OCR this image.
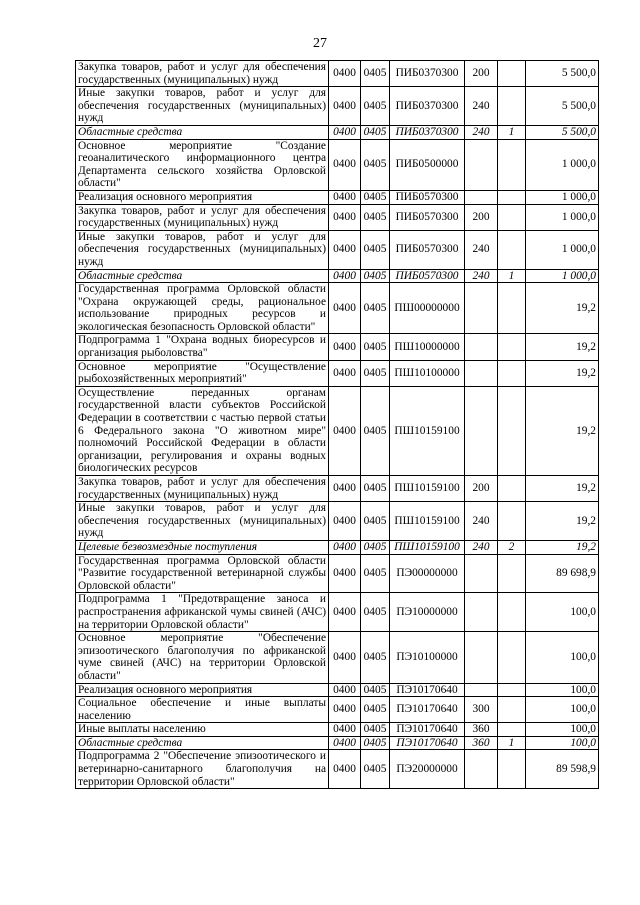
27
Закупка товаров, работ и услуг для обеспечения государственных (муниципальных) нужд	0400	0405	ПИБ0370300	200		5 500,0
Иные закупки товаров, работ и услуг для обеспечения государственных (муниципальных) нужд	0400	0405	ПИБ0370300	240		5 500,0
Областные средства	0400	0405	ПИБ0370300	240	1	5 500,0
Основное мероприятие "Создание геоаналитического информационного центра Департамента сельского хозяйства Орловской области"	0400	0405	ПИБ0500000			1 000,0
Реализация основного мероприятия	0400	0405	ПИБ0570300			1 000,0
Закупка товаров, работ и услуг для обеспечения государственных (муниципальных) нужд	0400	0405	ПИБ0570300	200		1 000,0
Иные закупки товаров, работ и услуг для обеспечения государственных (муниципальных) нужд	0400	0405	ПИБ0570300	240		1 000,0
Областные средства	0400	0405	ПИБ0570300	240	1	1 000,0
Государственная программа Орловской области "Охрана окружающей среды, рациональное использование природных ресурсов и экологическая безопасность Орловской области"	0400	0405	ПШ00000000			19,2
Подпрограмма 1 "Охрана водных биоресурсов и организация рыболовства"	0400	0405	ПШ10000000			19,2
Основное мероприятие "Осуществление рыбохозяйственных мероприятий"	0400	0405	ПШ10100000			19,2
Осуществление переданных органам государственной власти субъектов Российской Федерации в соответствии с частью первой статьи 6 Федерального закона "О животном мире" полномочий Российской Федерации в области организации, регулирования и охраны водных биологических ресурсов	0400	0405	ПШ10159100			19,2
Закупка товаров, работ и услуг для обеспечения государственных (муниципальных) нужд	0400	0405	ПШ10159100	200		19,2
Иные закупки товаров, работ и услуг для обеспечения государственных (муниципальных) нужд	0400	0405	ПШ10159100	240		19,2
Целевые безвозмездные поступления	0400	0405	ПШ10159100	240	2	19,2
Государственная программа Орловской области "Развитие государственной ветеринарной службы Орловской области"	0400	0405	ПЭ00000000			89 698,9
Подпрограмма 1 "Предотвращение заноса и распространения африканской чумы свиней (АЧС) на территории Орловской области"	0400	0405	ПЭ10000000			100,0
Основное мероприятие "Обеспечение эпизоотического благополучия по африканской чуме свиней (АЧС) на территории Орловской области"	0400	0405	ПЭ10100000			100,0
Реализация основного мероприятия	0400	0405	ПЭ10170640			100,0
Социальное обеспечение и иные выплаты населению	0400	0405	ПЭ10170640	300		100,0
Иные выплаты населению	0400	0405	ПЭ10170640	360		100,0
Областные средства	0400	0405	ПЭ10170640	360	1	100,0
Подпрограмма 2 "Обеспечение эпизоотического и ветеринарно-санитарного благополучия на территории Орловской области"	0400	0405	ПЭ20000000			89 598,9
